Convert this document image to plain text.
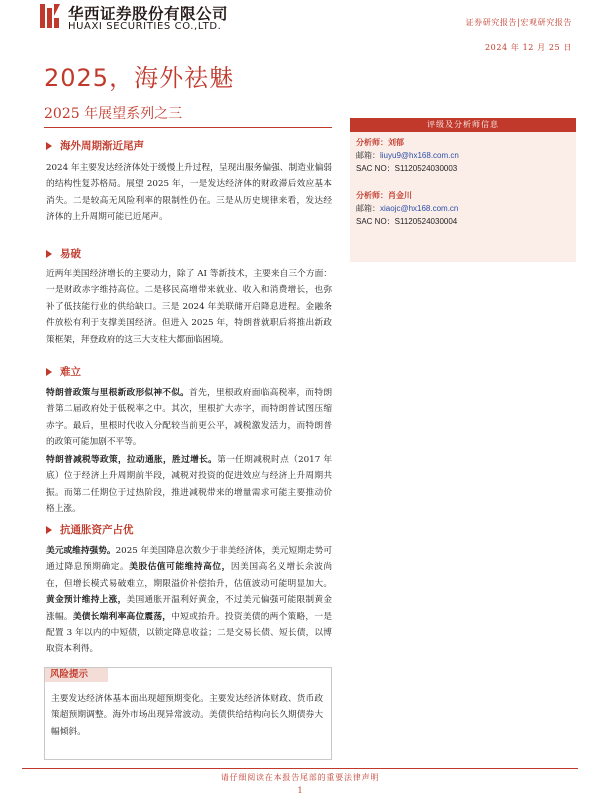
华西证券股份有限公司
HUAXI SECURITIES CO.,LTD.	证券研究报告|宏观研究报告
2024 年 12 月 25 日
2025，海外祛魅
2025 年展望系列之三
海外周期渐近尾声

2024 年主要发达经济体处于缓慢上升过程，呈现出服务偏强、制造业偏弱的结构性复苏格局。展望 2025 年，一是发达经济体的财政滞后效应基本消失。二是较高无风险利率的限制性仍在。三是从历史规律来看，发达经济体的上升周期可能已近尾声。

易破

近两年美国经济增长的主要动力，除了 AI 等新技术，主要来自三个方面：一是财政赤字维持高位。二是移民高增带来就业、收入和消费增长，也弥补了低技能行业的供给缺口。三是 2024 年美联储开启降息进程。金融条件放松有利于支撑美国经济。但进入 2025 年，特朗普就职后将推出新政策框架，拜登政府的这三大支柱大都面临困境。

难立

特朗普政策与里根新政形似神不似。首先，里根政府面临高税率，而特朗普第二届政府处于低税率之中。其次，里根扩大赤字，而特朗普试图压缩赤字。最后，里根时代收入分配较当前更公平，减税激发活力，而特朗普的政策可能加剧不平等。

特朗普减税等政策，拉动通胀，胜过增长。第一任期减税时点（2017 年底）位于经济上升周期前半段，减税对投资的促进效应与经济上升周期共振。而第二任期位于过热阶段，推进减税带来的增量需求可能主要推动价格上涨。

抗通胀资产占优

美元或维持强势。2025 年美国降息次数少于非美经济体，美元短期走势可通过降息预期确定。美股估值可能维持高位，因美国高名义增长余波尚在，但增长模式易破难立，期限溢价补偿抬升，估值波动可能明显加大。黄金预计维持上涨，美国通胀开温利好黄金，不过美元偏强可能限制黄金涨幅。美债长端利率高位震荡，中短或抬升。投资美债的两个策略，一是配置 3 年以内的中短债，以锁定降息收益；二是交易长债、短长债，以博取资本利得。

风险提示
主要发达经济体基本面出现超预期变化。主要发达经济体财政、货币政策超预期调整。海外市场出现异常波动。美债供给结构向长久期债券大幅倾斜。
评级及分析师信息
分析师：刘郁
邮箱：liuyu9@hx168.com.cn
SAC NO：S1120524030003
分析师：肖金川
邮箱：xiaojc@hx168.com.cn
SAC NO：S1120524030004
请仔细阅读在本报告尾部的重要法律声明
1
